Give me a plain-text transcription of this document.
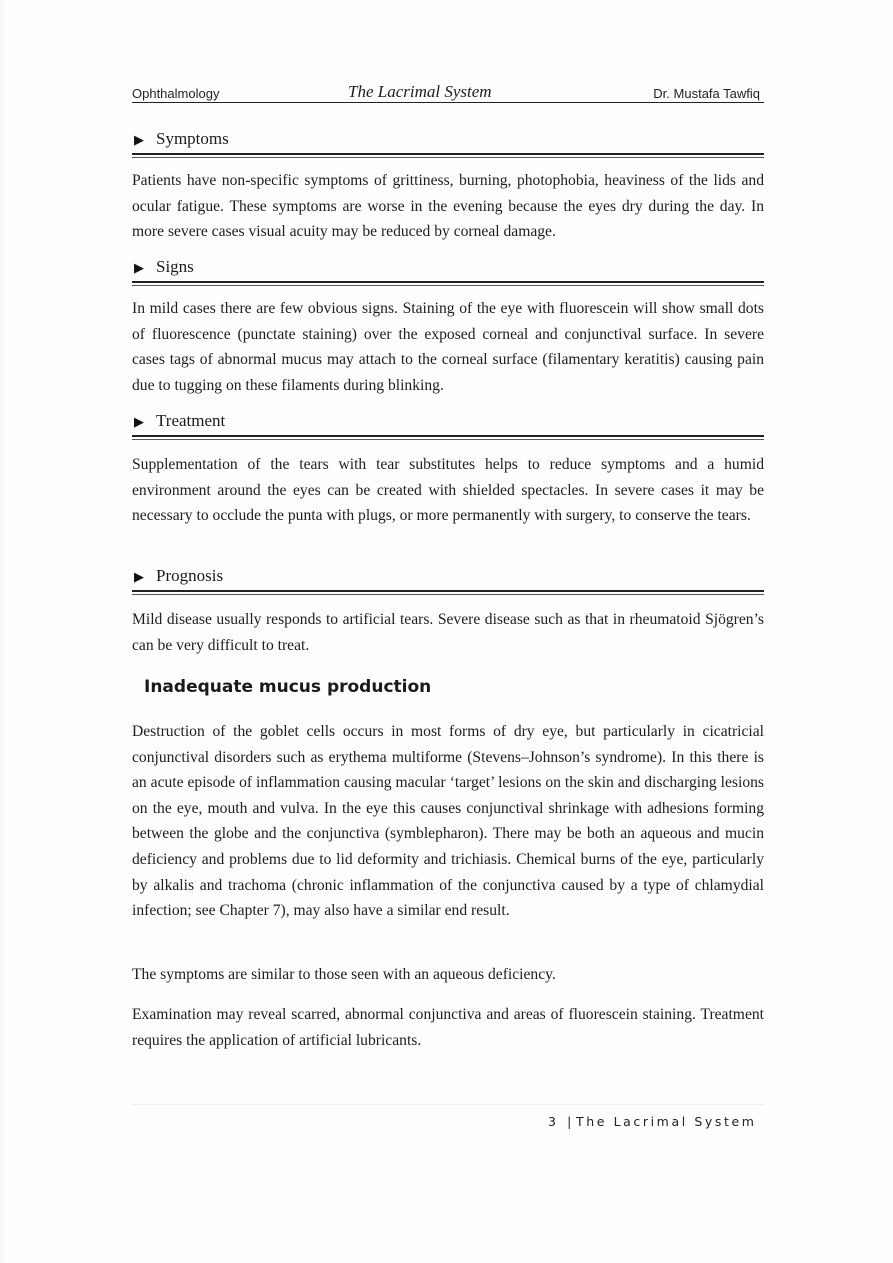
Ophthalmology	The Lacrimal System	Dr. Mustafa Tawfiq
▶ Symptoms

Patients have non-specific symptoms of grittiness, burning, photophobia, heaviness of the lids and ocular fatigue. These symptoms are worse in the evening because the eyes dry during the day. In more severe cases visual acuity may be reduced by corneal damage.

▶ Signs

In mild cases there are few obvious signs. Staining of the eye with fluorescein will show small dots of fluorescence (punctate staining) over the exposed corneal and conjunctival surface. In severe cases tags of abnormal mucus may attach to the corneal surface (filamentary keratitis) causing pain due to tugging on these filaments during blinking.

▶ Treatment

Supplementation of the tears with tear substitutes helps to reduce symptoms and a humid environment around the eyes can be created with shielded spectacles. In severe cases it may be necessary to occlude the punta with plugs, or more permanently with surgery, to conserve the tears.

▶ Prognosis

Mild disease usually responds to artificial tears. Severe disease such as that in rheumatoid Sjögren’s can be very difficult to treat.

Inadequate mucus production

Destruction of the goblet cells occurs in most forms of dry eye, but particularly in cicatricial conjunctival disorders such as erythema multiforme (Stevens–Johnson’s syndrome). In this there is an acute episode of inflammation causing macular ‘target’ lesions on the skin and discharging lesions on the eye, mouth and vulva. In the eye this causes conjunctival shrinkage with adhesions forming between the globe and the conjunctiva (symblepharon). There may be both an aqueous and mucin deficiency and problems due to lid deformity and trichiasis. Chemical burns of the eye, particularly by alkalis and trachoma (chronic inflammation of the conjunctiva caused by a type of chlamydial infection; see Chapter 7), may also have a similar end result.

The symptoms are similar to those seen with an aqueous deficiency.

Examination may reveal scarred, abnormal conjunctiva and areas of fluorescein staining. Treatment requires the application of artificial lubricants.

3 | The Lacrimal System
